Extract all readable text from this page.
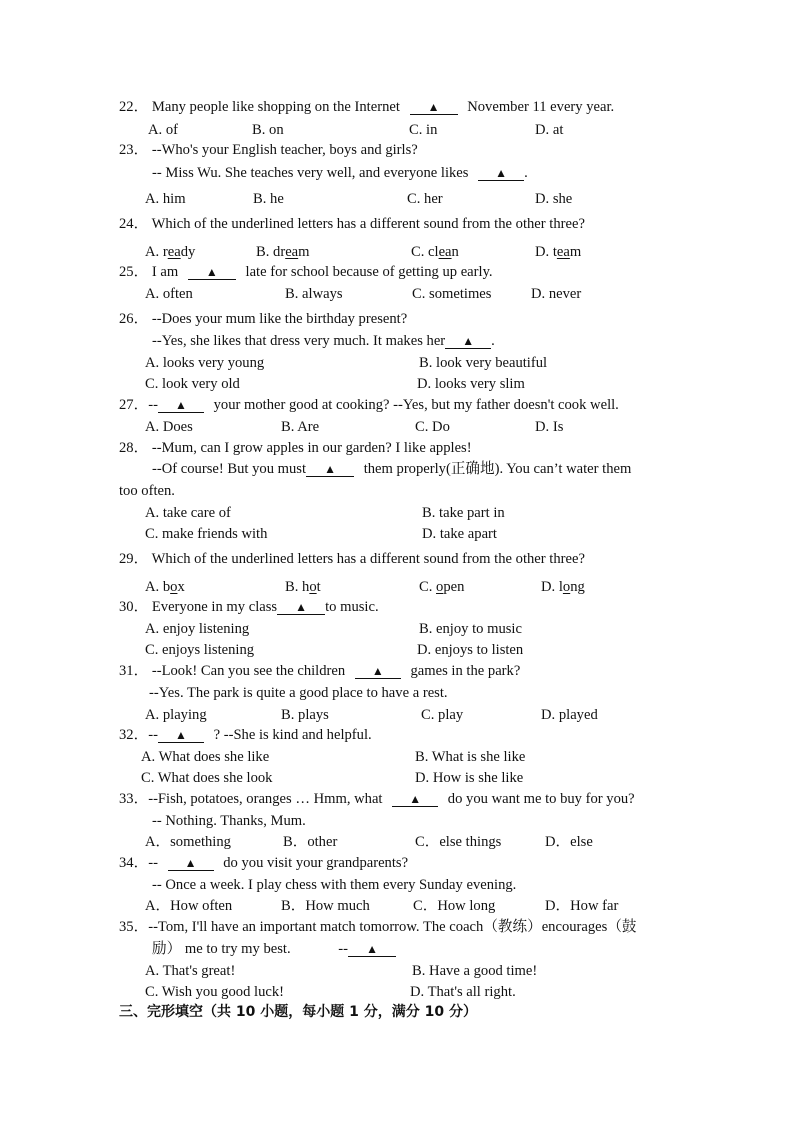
22． Many people like shopping on the Internet ▲ November 11 every year.
A. of	B. on	C. in	D. at
23． --Who's your English teacher, boys and girls?
-- Miss Wu. She teaches very well, and everyone likes ▲ .
A. him	B. he	C. her	D. she
24． Which of the underlined letters has a different sound from the other three?
A. ready	B. dream	C. clean	D. team
25． I am ▲ late for school because of getting up early.
A. often	B. always	C. sometimes	D. never
26． --Does your mum like the birthday present?
--Yes, she likes that dress very much. It makes her ▲ .
A. looks very young	B. look very beautiful
C. look very old	D. looks very slim
27．-- ▲ your mother good at cooking? --Yes, but my father doesn't cook well.
A. Does	B. Are	C. Do	D. Is
28． --Mum, can I grow apples in our garden? I like apples!
--Of course! But you must ▲ them properly(正确地). You can’t water them
too often.
A. take care of	B. take part in
C. make friends with	D. take apart
29． Which of the underlined letters has a different sound from the other three?
A. box	B. hot	C. open	D. long
30． Everyone in my class ▲ to music.
A. enjoy listening	B. enjoy to music
C. enjoys listening	D. enjoys to listen
31． --Look! Can you see the children ▲ games in the park?
--Yes. The park is quite a good place to have a rest.
A. playing	B. plays	C. play	D. played
32．-- ▲ ? --She is kind and helpful.
A. What does she like	B. What is she like
C. What does she look	D. How is she like
33．--Fish, potatoes, oranges … Hmm, what ▲ do you want me to buy for you?
-- Nothing. Thanks, Mum.
A．something	B．other	C．else things	D．else
34．-- ▲ do you visit your grandparents?
-- Once a week. I play chess with them every Sunday evening.
A．How often	B．How much	C．How long	D．How far
35．--Tom, I'll have an important match tomorrow. The coach（教练）encourages（鼓
励） me to try my best.	-- ▲
A. That's great!	B. Have a good time!
C. Wish you good luck!	D. That's all right.
三、完形填空（共 10 小题，每小题 1 分，满分 10 分）
